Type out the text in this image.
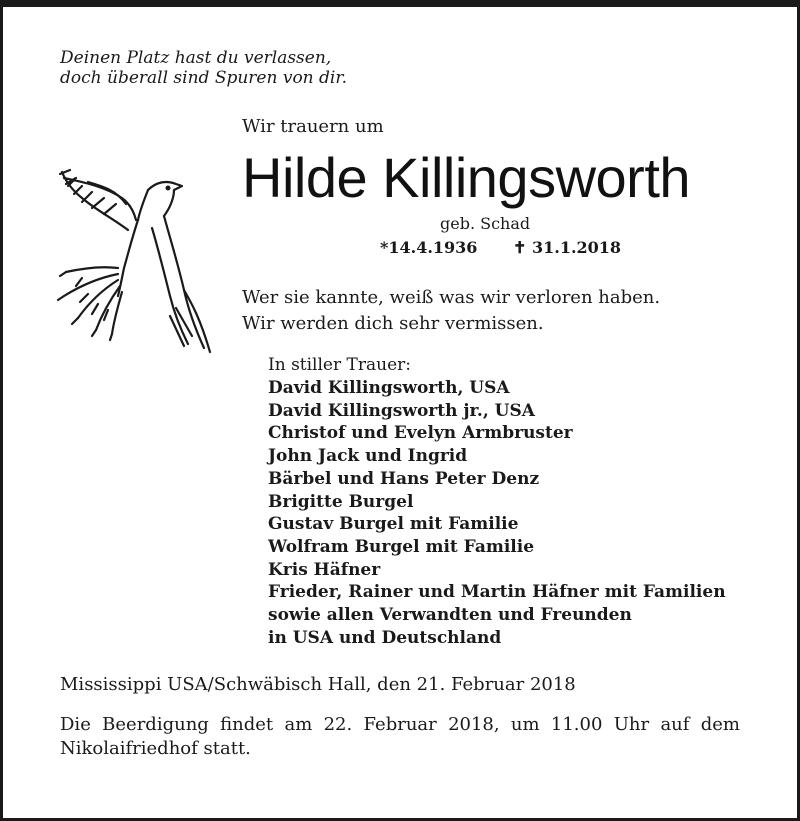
Deinen Platz hast du verlassen,
doch überall sind Spuren von dir.
Wir trauern um
Hilde Killingsworth
geb. Schad
*14.4.1936 ✝ 31.1.2018
Wer sie kannte, weiß was wir verloren haben.
Wir werden dich sehr vermissen.
In stiller Trauer:
David Killingsworth, USA
David Killingsworth jr., USA
Christof und Evelyn Armbruster
John Jack und Ingrid
Bärbel und Hans Peter Denz
Brigitte Burgel
Gustav Burgel mit Familie
Wolfram Burgel mit Familie
Kris Häfner
Frieder, Rainer und Martin Häfner mit Familien
sowie allen Verwandten und Freunden
in USA und Deutschland
Mississippi USA/Schwäbisch Hall, den 21. Februar 2018
Die Beerdigung findet am 22. Februar 2018, um 11.00 Uhr auf dem
Nikolaifriedhof statt.
